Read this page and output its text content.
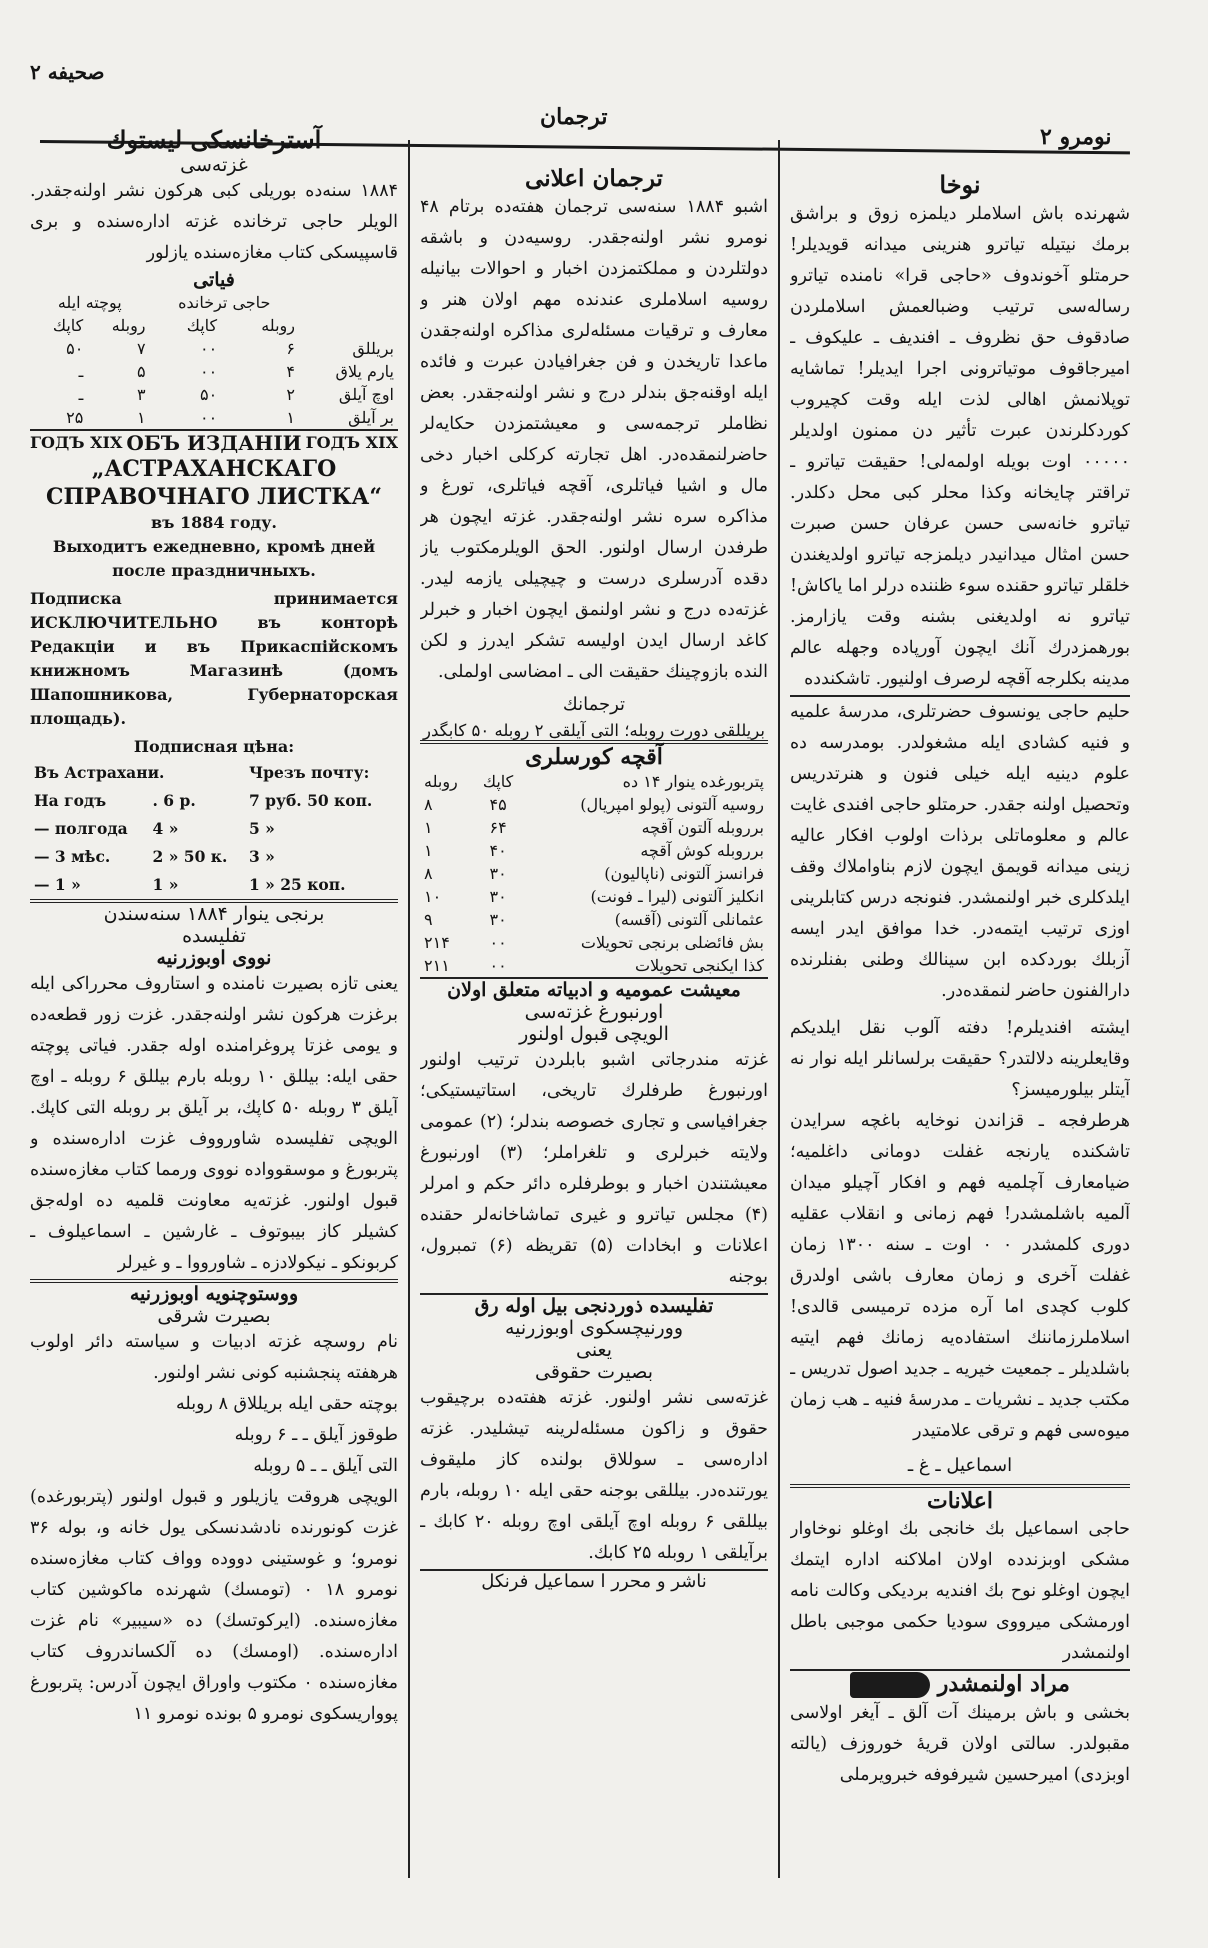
صحیفه ۲
ترجمان
نومرو ۲
نوخا
شهرنده باش اسلاملر دیلمزه زوق و براشق برمك نیتیله تیاترو هنرینی میدانه قویدیلر! حرمتلو آخوندوف «حاجی قرا» نامنده تیاترو رساله‌سی ترتیب وضبالعمش اسلاملردن صادقوف حق نظروف ـ افندیف ـ علیکوف ـ امیرجاقوف موتیاترونی اجرا ایدیلر! تماشایه توپلانمش اهالی لذت ایله وقت کچیروب کوردکلرندن عبرت تأثیر دن ممنون اولدیلر ۰۰۰۰۰ اوت بویله اولمه‌لی! حقیقت تیاترو ـ تراقتر چایخانه وکذا محلر کبی محل دکلدر. تیاترو خانه‌سی حسن عرفان حسن صبرت حسن امثال میدانیدر دیلمزجه تیاترو اولدیغندن خلقلر تیاترو حقنده سوء ظننده درلر اما یاکاش! تیاترو نه اولدیغنی بشنه وقت یازارمز. بورهمزدرك آنك ایچون آورپاده وجهله عالم مدینه بکلرجه آقچه لرصرف اولنیور. تاشکندده
حلیم حاجی یونسوف حضرتلری، مدرسهٔ علمیه و فنیه کشادی ایله مشغولدر. بومدرسه ده علوم دینیه ایله خیلی فنون و هنرتدریس وتحصیل اولنه جقدر. حرمتلو حاجی افندی غایت عالم و معلوماتلی برذات اولوب افکار عالیه زینی میدانه قویمق ایچون لازم بناواملاك وقف ایلدکلری خبر اولنمشدر. فنونجه درس کتابلرینی اوزی ترتیب ایتمه‌در. خدا موافق ایدر ایسه آزبلك بوردکده ابن سینالك وطنی بفنلرنده دارالفنون حاضر لنمقده‌در.
ایشته افندیلرم! دفته آلوب نقل ایلدیکم وقایعلرینه دلالتدر؟ حقیقت برلسانلر ایله نوار نه آیتلر بیلورمیسز؟
هرطرفجه ـ قزاندن نوخایه باغچه سرایدن تاشکنده یارنجه غفلت دومانی داغلمیه؛ ضیامعارف آچلمیه فهم و افکار آچیلو میدان آلمیه باشلمشدر! فهم زمانی و انقلاب عقلیه دوری کلمشدر ۰ ۰ اوت ـ سنه ۱۳۰۰ زمان غفلت آخری و زمان معارف باشی اولدرق کلوب کچدی اما آره مزده ترمیسی قالدی! اسلاملرزماننك استفاده‌یه زمانك فهم ایتیه باشلدیلر ـ جمعیت خیریه ـ جدید اصول تدریس ـ مکتب جدید ـ نشریات ـ مدرسهٔ فنیه ـ هب زمان میوه‌سی فهم و ترقی علامتیدر
اسماعیل ـ غ ـ
اعلانات
حاجی اسماعیل بك خانجی بك اوغلو نوخاوار مشکی اوبزندده اولان املاکنه اداره ایتمك ایچون اوغلو نوح بك افندیه بردیکی وکالت نامه اورمشکی میرووی سودیا حکمی موجبی باطل اولنمشدر
مراد اولنمشدر
بخشی و باش برمینك آت آلق ـ آیغر اولاسی مقبولدر. سالتی اولان قریهٔ خوروزف (یالته اوبزدی) امیرحسین شیرفوفه خبرویرملی
ترجمان اعلانی
اشبو ۱۸۸۴ سنه‌سی ترجمان هفته‌ده برتام ۴۸ نومرو نشر اولنه‌جقدر. روسیه‌دن و باشقه دولتلردن و مملکتمزدن اخبار و احوالات بیانیله روسیه اسلاملری عندنده مهم اولان هنر و معارف و ترقیات مسئله‌لری مذاکره اولنه‌جقدن ماعدا تاریخدن و فن جغرافیادن عبرت و فائده ایله اوقنه‌جق بندلر درج و نشر اولنه‌جقدر. بعض نظاملر ترجمه‌سی و معیشتمزدن حکایه‌لر حاضرلنمقده‌در. اهل تجارته کرکلی اخبار دخی مال و اشیا فیاتلری، آقچه فیاتلری، تورغ و مذاکره سره نشر اولنه‌جقدر. غزته ایچون هر طرفدن ارسال اولنور. الحق الویلرمکتوب یاز دقده آدرسلری درست و چیچیلی یازمه لیدر. غزته‌ده درج و نشر اولنمق ایچون اخبار و خبرلر کاغد ارسال ایدن اولیسه تشکر ایدرز و لکن النده بازوچینك حقیقت الی ـ امضاسی اولملی.
ترجمانك
بریللقی دورت روبله؛ التی آیلقی ۲ روبله ۵۰ کابگدر
آقچه کورسلری
پتربورغده ینوار ۱۴ ده	کاپك	روبله
روسیه آلتونی (پولو امپریال)	۴۵	۸
برروبله آلتون آقچه	۶۴	۱
برروبله کوش آقچه	۴۰	۱
فرانسز آلتونی (ناپالیون)	۳۰	۸
انکلیز آلتونی (لیرا ـ فونت)	۳۰	۱۰
عثمانلی آلتونی (آقسه)	۳۰	۹
بش فائضلی برنجی تحویلات	۰۰	۲۱۴
کذا ایکنجی تحویلات	۰۰	۲۱۱
معیشت عمومیه و ادبیاته متعلق اولان
اورنبورغ غزته‌سی
الویچی قبول اولنور
غزته مندرجاتی اشبو بابلردن ترتیب اولنور اورنبورغ طرفلرك تاریخی، استاتیستیکی؛ جغرافیاسی و تجاری خصوصه بندلر؛ (۲) عمومی ولایته خبرلری و تلغراملر؛ (۳) اورنبورغ معیشتندن اخبار و بوطرفلره دائر حکم و امرلر (۴) مجلس تیاترو و غیری تماشاخانه‌لر حقنده اعلانات و ابخادات (۵) تقریظه (۶) تمبرول، بوجنه
تفلیسده ذوردنجی بیل اوله رق
وورنیچسکوی اوبوزرنیه
یعنی
بصیرت حقوقی
غزته‌سی نشر اولنور. غزته هفته‌ده برچیقوب حقوق و زاکون مسئله‌لرینه تیشلیدر. غزته اداره‌سی ـ سوللاق بولنده کاز ملیقوف یورتنده‌در. بیللقی بوجنه حقی ایله ۱۰ روبله، بارم بیللقی ۶ روبله اوچ آیلقی اوچ روبله ۲۰ کابك ـ برآیلقی ۱ روبله ۲۵ کابك.
ناشر و محرر ا سماعیل فرنکل
آسترخانسکی لیستوك
غزته‌سی
۱۸۸۴ سنه‌ده بوریلی کبی هرکون نشر اولنه‌جقدر. الویلر حاجی ترخانده غزته اداره‌سنده و بری قاسپیسکی کتاب مغازه‌سنده یازلور
فیاتی
	حاجی ترخانده		پوچته ایله	
	روبله	کاپك	روبله	کاپك
بریللق	۶	۰۰	۷	۵۰
یارم یلاق	۴	۰۰	۵	ـ
اوچ آیلق	۲	۵۰	۳	ـ
بر آیلق	۱	۰۰	۱	۲۵
ГОДЪ XIX ОБЪ ИЗДАНІИ ГОДЪ XIX
„АСТРАХАНСКАГО СПРАВОЧНАГО ЛИСТКА“
въ 1884 году.
Выходитъ ежедневно, кромѣ дней после праздничныхъ.
Подписка принимается ИСКЛЮЧИТЕЛЬНО въ конторѣ Редакціи и въ Прикаспійскомъ книжномъ Магазинѣ (домъ Шапошникова, Губернаторская площадь).
Подписная цѣна:
Въ Астрахани.		Чрезъ почту:
На годъ	. 6 р.	7 руб. 50 коп.
— полгода	4 »	5 »
— 3 мѣс.	2 » 50 к.	3 »
— 1 »	1 »	1 » 25 коп.
برنجی ینوار ۱۸۸۴ سنه‌سندن
تفلیسده
نووی اوبوزرنیه
یعنی تازه بصیرت نامنده و استاروف محرراکی ایله برغزت هرکون نشر اولنه‌جقدر. غزت زور قطعه‌ده و یومی غزتا پروغرامنده اوله جقدر. فیاتی پوچته حقی ایله: بیللق ۱۰ روبله بارم بیللق ۶ روبله ـ اوچ آیلق ۳ روبله ۵۰ کاپك، بر آیلق بر روبله التی کاپك. الویچی تفلیسده شاورووف غزت اداره‌سنده و پتربورغ و موسقوواده نووی ورمما کتاب مغازه‌سنده قبول اولنور. غزته‌یه معاونت قلمیه ده اوله‌جق کشیلر کاز بیبوتوف ـ غارشین ـ اسماعیلوف ـ کربونکو ـ نیکولادزه ـ شاورووا ـ و غیرلر
ووستوچنویه اوبوزرنیه
بصیرت شرقی
نام روسچه غزته ادبیات و سیاسته دائر اولوب هرهفته پنجشنبه کونی نشر اولنور.
بوچته حقی ایله بریللاق ۸ روبله
طوقوز آیلق ـ ـ ۶ روبله
التی آیلق ـ ـ ۵ روبله
الویچی هروقت یازیلور و قبول اولنور (پتربورغده) غزت کونورنده نادشدنسکی یول خانه و، بوله ۳۶ نومرو؛ و غوستینی دووده وواف کتاب مغازه‌سنده نومرو ۱۸ ۰ (تومسك) شهرنده ماکوشین کتاب مغازه‌سنده. (ایرکوتسك) ده «سیبیر» نام غزت اداره‌سنده. (اومسك) ده آلکساندروف کتاب مغازه‌سنده ۰ مکتوب واوراق ایچون آدرس: پتربورغ پوواریسکوی نومرو ۵ بونده نومرو ۱۱
